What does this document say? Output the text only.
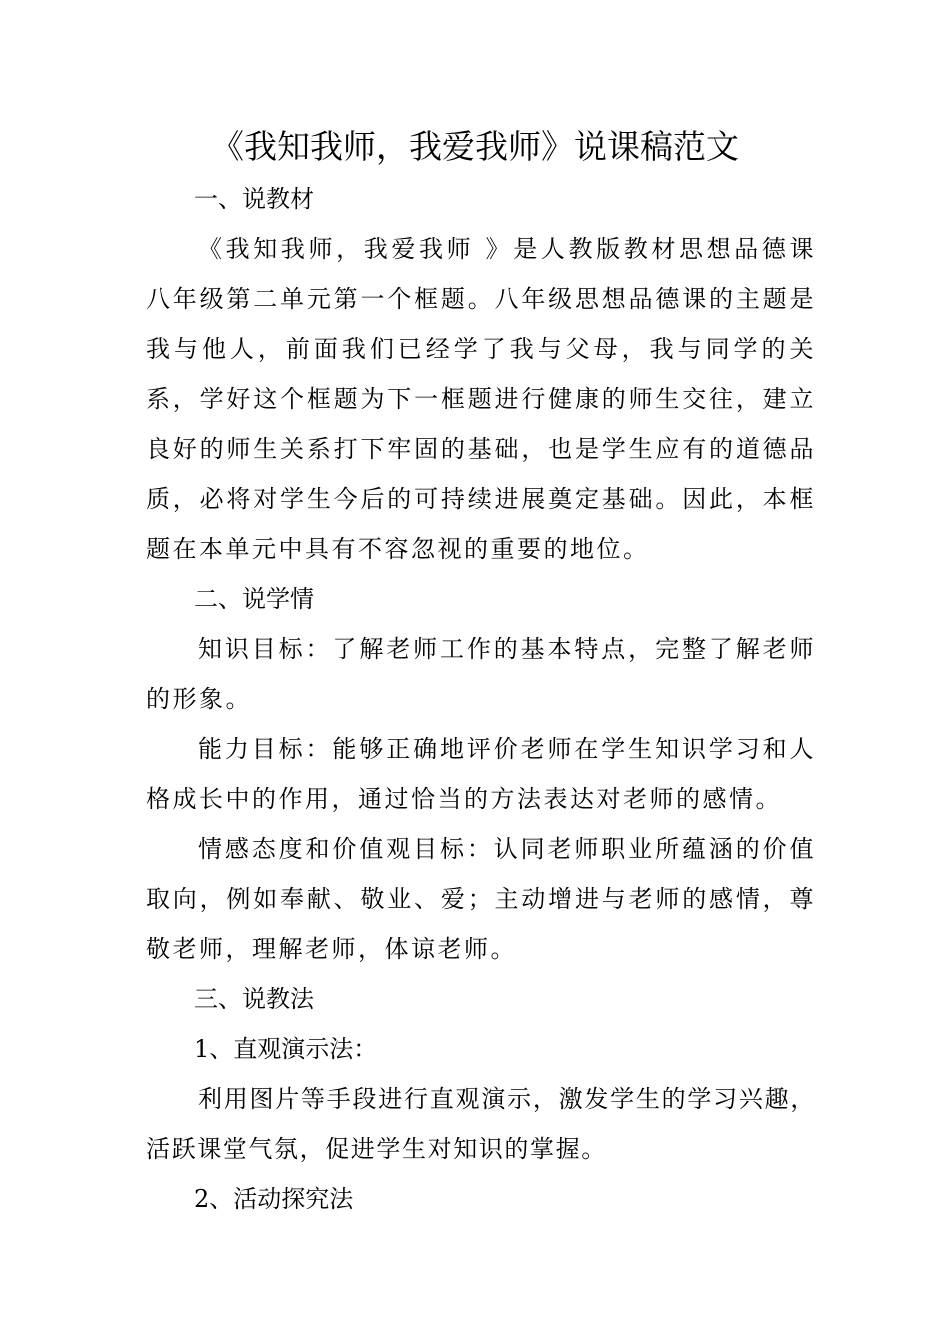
《我知我师，我爱我师》说课稿范文

一、说教材

《我知我师，我爱我师 》是人教版教材思想品德课八年级第二单元第一个框题。八年级思想品德课的主题是我与他人，前面我们已经学了我与父母，我与同学的关系，学好这个框题为下一框题进行健康的师生交往，建立良好的师生关系打下牢固的基础，也是学生应有的道德品质，必将对学生今后的可持续进展奠定基础。因此，本框题在本单元中具有不容忽视的重要的地位。

二、说学情

知识目标：了解老师工作的基本特点，完整了解老师的形象。

能力目标：能够正确地评价老师在学生知识学习和人格成长中的作用，通过恰当的方法表达对老师的感情。

情感态度和价值观目标：认同老师职业所蕴涵的价值取向，例如奉献、敬业、爱；主动增进与老师的感情，尊敬老师，理解老师，体谅老师。

三、说教法

1、直观演示法：

利用图片等手段进行直观演示，激发学生的学习兴趣，活跃课堂气氛，促进学生对知识的掌握。

2、活动探究法
